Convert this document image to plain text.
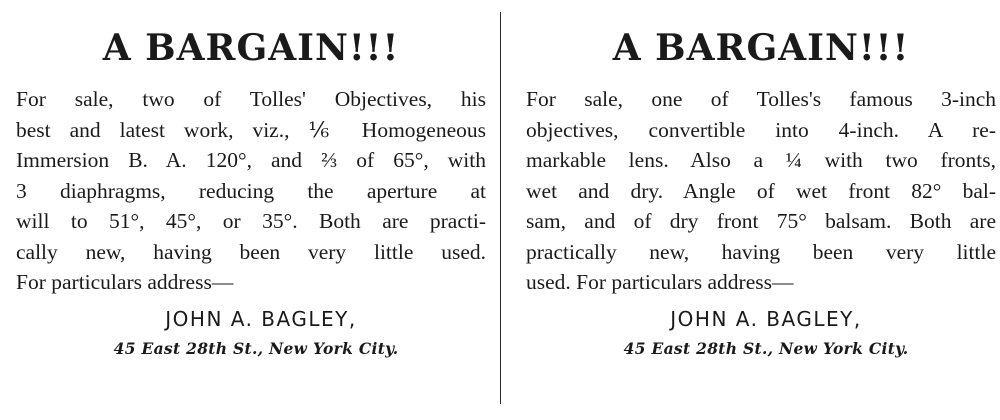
A BARGAIN!!!
For sale, two of Tolles' Objectives, his
best and latest work, viz., ⅙ Homogeneous
Immersion B. A. 120°, and ⅔ of 65°, with
3 diaphragms, reducing the aperture at
will to 51°, 45°, or 35°. Both are practi-
cally new, having been very little used.
For particulars address—
JOHN A. BAGLEY,
45 East 28th St., New York City.
A BARGAIN!!!
For sale, one of Tolles's famous 3-inch
objectives, convertible into 4-inch. A re-
markable lens. Also a ¼ with two fronts,
wet and dry. Angle of wet front 82° bal-
sam, and of dry front 75° balsam. Both are
practically new, having been very little
used. For particulars address—
JOHN A. BAGLEY,
45 East 28th St., New York City.
